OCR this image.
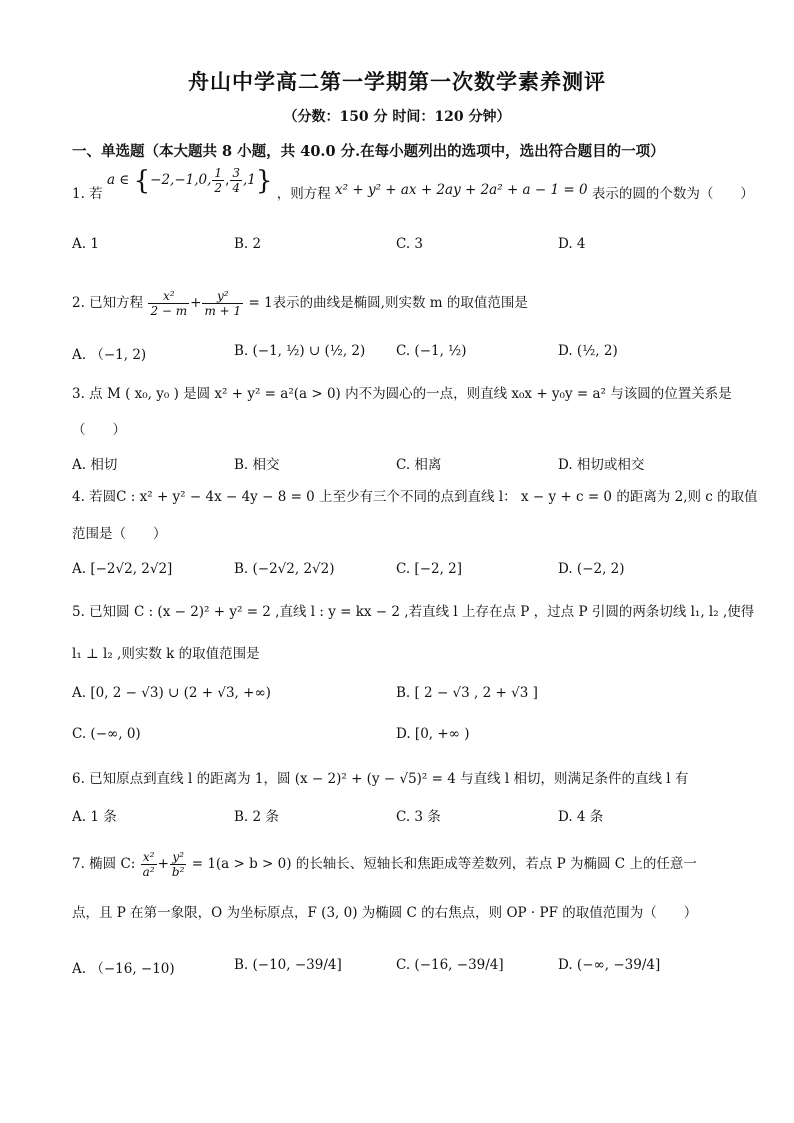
舟山中学高二第一学期第一次数学素养测评
（分数：150 分 时间：120 分钟）
一、单选题（本大题共 8 小题，共 40.0 分.在每小题列出的选项中，选出符合题目的一项）
1. 若 a ∈ {−2,−1,0, $\frac{1}{2}$ , $\frac{3}{4} ,1$} ，则方程 x² + y² + ax + 2ay + 2a² + a − 1 = 0 表示的圆的个数为（　　）
A. 1	B. 2	C. 3	D. 4
2. 已知方程 $\frac{\text{x²}}{2 - m} + \frac{\text{y²}}{m + 1} = 1$表示的曲线是椭圆,则实数 m 的取值范围是
A. （−1, 2)	B. (−1, ½) ∪ (½, 2) C. (−1, ½)	D. (½, 2)
3. 点 M ( x₀, y₀ ) 是圆 x² + y² = a²(a > 0) 内不为圆心的一点，则直线 x₀x + y₀y = a² 与该圆的位置关系是
（　　）
A. 相切	B. 相交	C. 相离	D. 相切或相交
4. 若圆C : x² + y² − 4x − 4y − 8 = 0 上至少有三个不同的点到直线 l： x − y + c = 0 的距离为 2,则 c 的取值
范围是（　　）
A. [−2√2, 2√2]	B. (−2√2, 2√2)	C. [−2, 2]	D. (−2, 2)
5. 已知圆 C : (x − 2)² + y² = 2 ,直线 l : y = kx − 2 ,若直线 l 上存在点 P ，过点 P 引圆的两条切线 l₁, l₂ ,使得
l₁ ⊥ l₂ ,则实数 k 的取值范围是
A. [0, 2 − √3) ∪ (2 + √3, +∞)	B. [ 2 − √3 , 2 + √3 ]
C. (−∞, 0)	D. [0, +∞ )
6. 已知原点到直线 l 的距离为 1，圆 (x − 2)² + (y − √5)² = 4 与直线 l 相切，则满足条件的直线 l 有
A. 1 条	B. 2 条	C. 3 条	D. 4 条
7. 椭圆 C: $\frac{\text{x²}}{\text{a²}} + \frac{\text{y²}}{\text{b²}} = 1(a > b > 0)$ 的长轴长、短轴长和焦距成等差数列，若点 P 为椭圆 C 上的任意一
点，且 P 在第一象限，O 为坐标原点，F (3, 0) 为椭圆 C 的右焦点，则 OP · PF 的取值范围为（　　）
A. （−16, −10)	B. (−10, −39/4]	C. (−16, −39/4]	D. (−∞, −39/4]
